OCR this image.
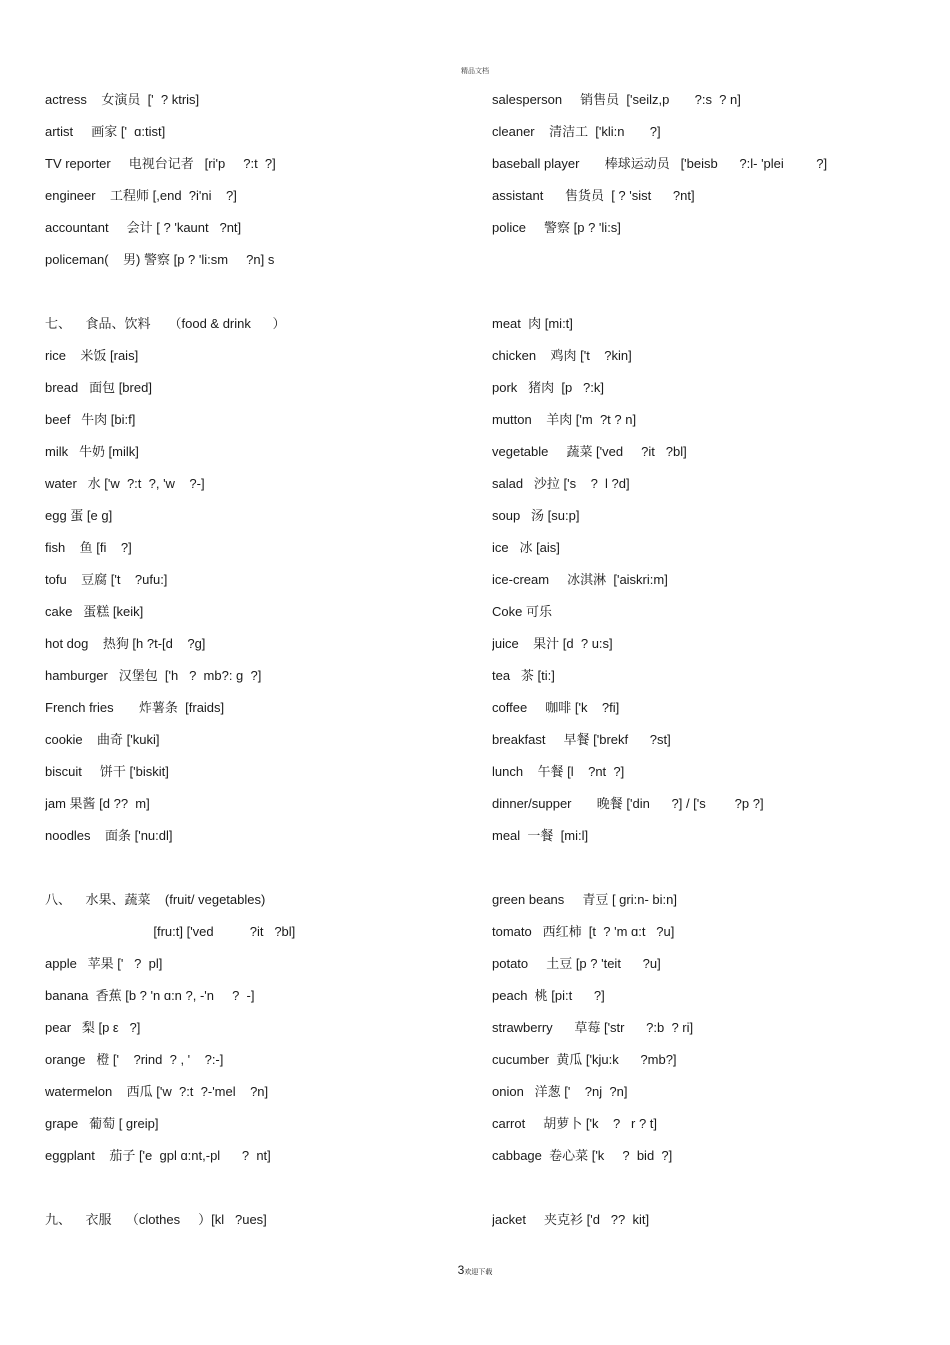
精品文档
actress    女演员  ['  ? ktris]
artist     画家 ['  ɑ:tist]
TV reporter     电视台记者   [ri'p     ?:t  ?]
engineer    工程师 [,end  ?i'ni    ?]
accountant     会计 [ ? 'kaunt   ?nt]
policeman(    男) 警察 [p ? 'li:sm     ?n] s
七、    食品、饮料     （food & drink      ）
rice    米饭 [rais]
bread   面包 [bred]
beef   牛肉 [bi:f]
milk   牛奶 [milk]
water   水 ['w  ?:t  ?, 'w    ?-]
egg 蛋 [e ɡ]
fish    鱼 [fi    ?]
tofu    豆腐 ['t    ?ufu:]
cake   蛋糕 [keik]
hot dog    热狗 [h ?t-[d    ?ɡ]
hamburger   汉堡包  ['h   ?  mb?: ɡ  ?]
French fries       炸薯条  [fraids]
cookie    曲奇 ['kuki]
biscuit     饼干 ['biskit]
jam 果酱 [d ??  m]
noodles    面条 ['nu:dl]
八、    水果、蔬菜    (fruit/ vegetables)
[fru:t] ['ved          ?it   ?bl]
apple   苹果 ['   ?  pl]
banana  香蕉 [b ? 'n ɑ:n ?, -'n     ?  -]
pear   梨 [p ε   ?]
orange   橙 ['    ?rind  ? , '    ?:-]
watermelon    西瓜 ['w  ?:t  ?-'mel    ?n]
grape   葡萄 [ ɡreip]
eggplant    茄子 ['e  ɡpl ɑ:nt,-pl      ?  nt]
九、    衣服    （clothes     ）[kl   ?ues]
salesperson     销售员  ['seilz,p       ?:s  ? n]
cleaner    清洁工  ['kli:n       ?]
baseball player       棒球运动员   ['beisb      ?:l- 'plei         ?]
assistant      售货员  [ ? 'sist      ?nt]
police     警察 [p ? 'li:s]
meat  肉 [mi:t]
chicken    鸡肉 ['t    ?kin]
pork   猪肉  [p   ?:k]
mutton    羊肉 ['m  ?t ? n]
vegetable     蔬菜 ['ved     ?it   ?bl]
salad   沙拉 ['s    ?  l ?d]
soup   汤 [su:p]
ice   冰 [ais]
ice-cream     冰淇淋  ['aiskri:m]
Coke 可乐
juice    果汁 [d  ? u:s]
tea   茶 [ti:]
coffee     咖啡 ['k    ?fi]
breakfast     早餐 ['brekf      ?st]
lunch    午餐 [l    ?nt  ?]
dinner/supper       晚餐 ['din      ?] / ['s        ?p ?]
meal  一餐  [mi:l]
green beans     青豆 [ ɡri:n- bi:n]
tomato   西红柿  [t  ? 'm ɑ:t   ?u]
potato     土豆 [p ? 'teit      ?u]
peach  桃 [pi:t      ?]
strawberry      草莓 ['str      ?:b  ? ri]
cucumber  黄瓜 ['kju:k      ?mb?]
onion   洋葱 ['    ?nj  ?n]
carrot     胡萝卜 ['k    ?   r ? t]
cabbage  卷心菜 ['k     ?  bid  ?]
jacket     夹克衫 ['d   ??  kit]
3欢迎下载
